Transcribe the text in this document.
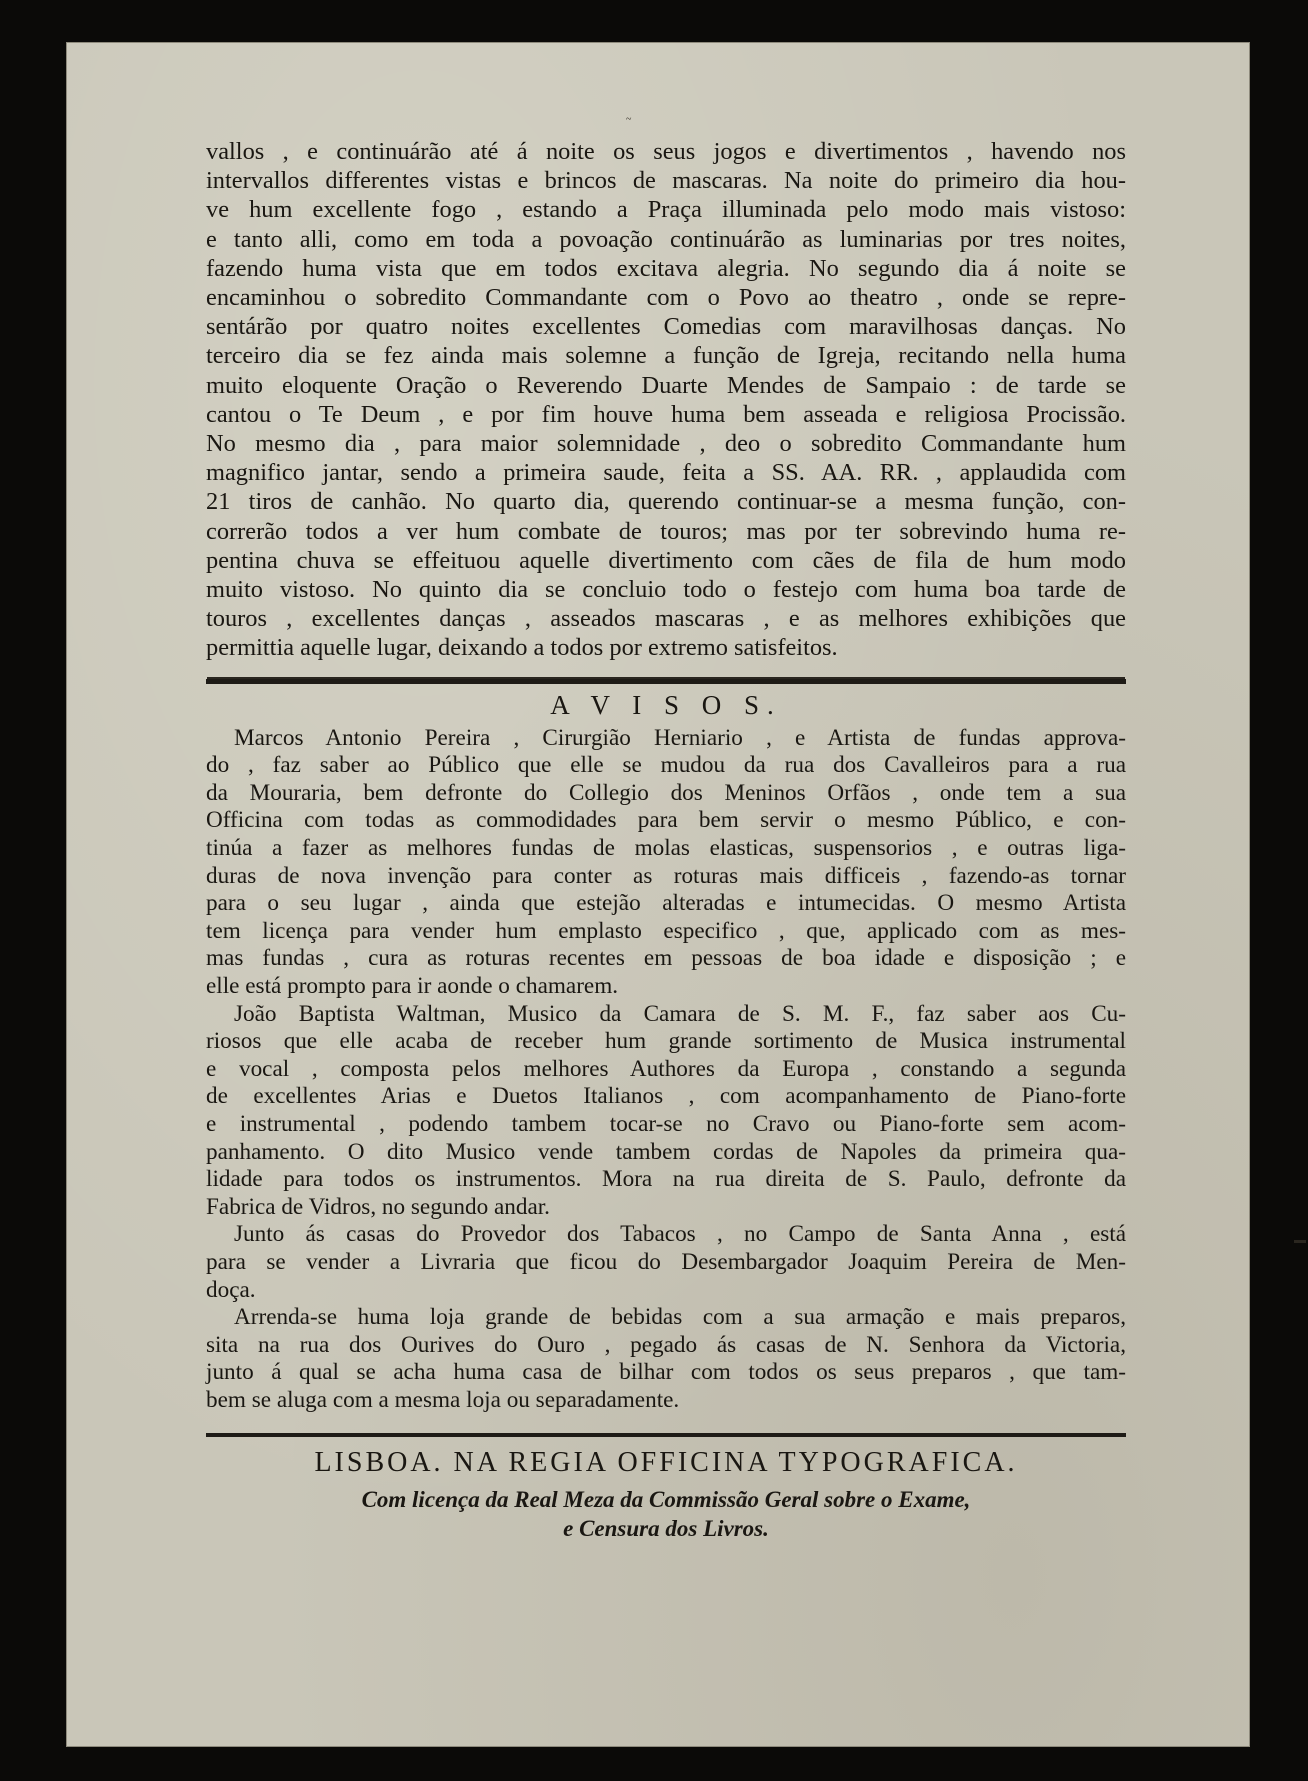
~

vallos , e continuárão até á noite os seus jogos e divertimentos , havendo nos
intervallos differentes vistas e brincos de mascaras. Na noite do primeiro dia hou-
ve hum excellente fogo , estando a Praça illuminada pelo modo mais vistoso:
e tanto alli, como em toda a povoação continuárão as luminarias por tres noites,
fazendo huma vista que em todos excitava alegria. No segundo dia á noite se
encaminhou o sobredito Commandante com o Povo ao theatro , onde se repre-
sentárão por quatro noites excellentes Comedias com maravilhosas danças. No
terceiro dia se fez ainda mais solemne a função de Igreja, recitando nella huma
muito eloquente Oração o Reverendo Duarte Mendes de Sampaio : de tarde se
cantou o Te Deum , e por fim houve huma bem asseada e religiosa Procissão.
No mesmo dia , para maior solemnidade , deo o sobredito Commandante hum
magnifico jantar, sendo a primeira saude, feita a SS. AA. RR. , applaudida com
21 tiros de canhão. No quarto dia, querendo continuar-se a mesma função, con-
correrão todos a ver hum combate de touros; mas por ter sobrevindo huma re-
pentina chuva se effeituou aquelle divertimento com cães de fila de hum modo
muito vistoso. No quinto dia se concluio todo o festejo com huma boa tarde de
touros , excellentes danças , asseados mascaras , e as melhores exhibições que
permittia aquelle lugar, deixando a todos por extremo satisfeitos.

A V I S O S.

Marcos Antonio Pereira , Cirurgião Herniario , e Artista de fundas approva-
do , faz saber ao Público que elle se mudou da rua dos Cavalleiros para a rua
da Mouraria, bem defronte do Collegio dos Meninos Orfãos , onde tem a sua
Officina com todas as commodidades para bem servir o mesmo Público, e con-
tinúa a fazer as melhores fundas de molas elasticas, suspensorios , e outras liga-
duras de nova invenção para conter as roturas mais difficeis , fazendo-as tornar
para o seu lugar , ainda que estejão alteradas e intumecidas. O mesmo Artista
tem licença para vender hum emplasto especifico , que, applicado com as mes-
mas fundas , cura as roturas recentes em pessoas de boa idade e disposição ; e
elle está prompto para ir aonde o chamarem.

João Baptista Waltman, Musico da Camara de S. M. F., faz saber aos Cu-
riosos que elle acaba de receber hum grande sortimento de Musica instrumental
e vocal , composta pelos melhores Authores da Europa , constando a segunda
de excellentes Arias e Duetos Italianos , com acompanhamento de Piano-forte
e instrumental , podendo tambem tocar-se no Cravo ou Piano-forte sem acom-
panhamento. O dito Musico vende tambem cordas de Napoles da primeira qua-
lidade para todos os instrumentos. Mora na rua direita de S. Paulo, defronte da
Fabrica de Vidros, no segundo andar.

Junto ás casas do Provedor dos Tabacos , no Campo de Santa Anna , está
para se vender a Livraria que ficou do Desembargador Joaquim Pereira de Men-
doça.

Arrenda-se huma loja grande de bebidas com a sua armação e mais preparos,
sita na rua dos Ourives do Ouro , pegado ás casas de N. Senhora da Victoria,
junto á qual se acha huma casa de bilhar com todos os seus preparos , que tam-
bem se aluga com a mesma loja ou separadamente.

LISBOA. NA REGIA OFFICINA TYPOGRAFICA.
Com licença da Real Meza da Commissão Geral sobre o Exame,
e Censura dos Livros.
